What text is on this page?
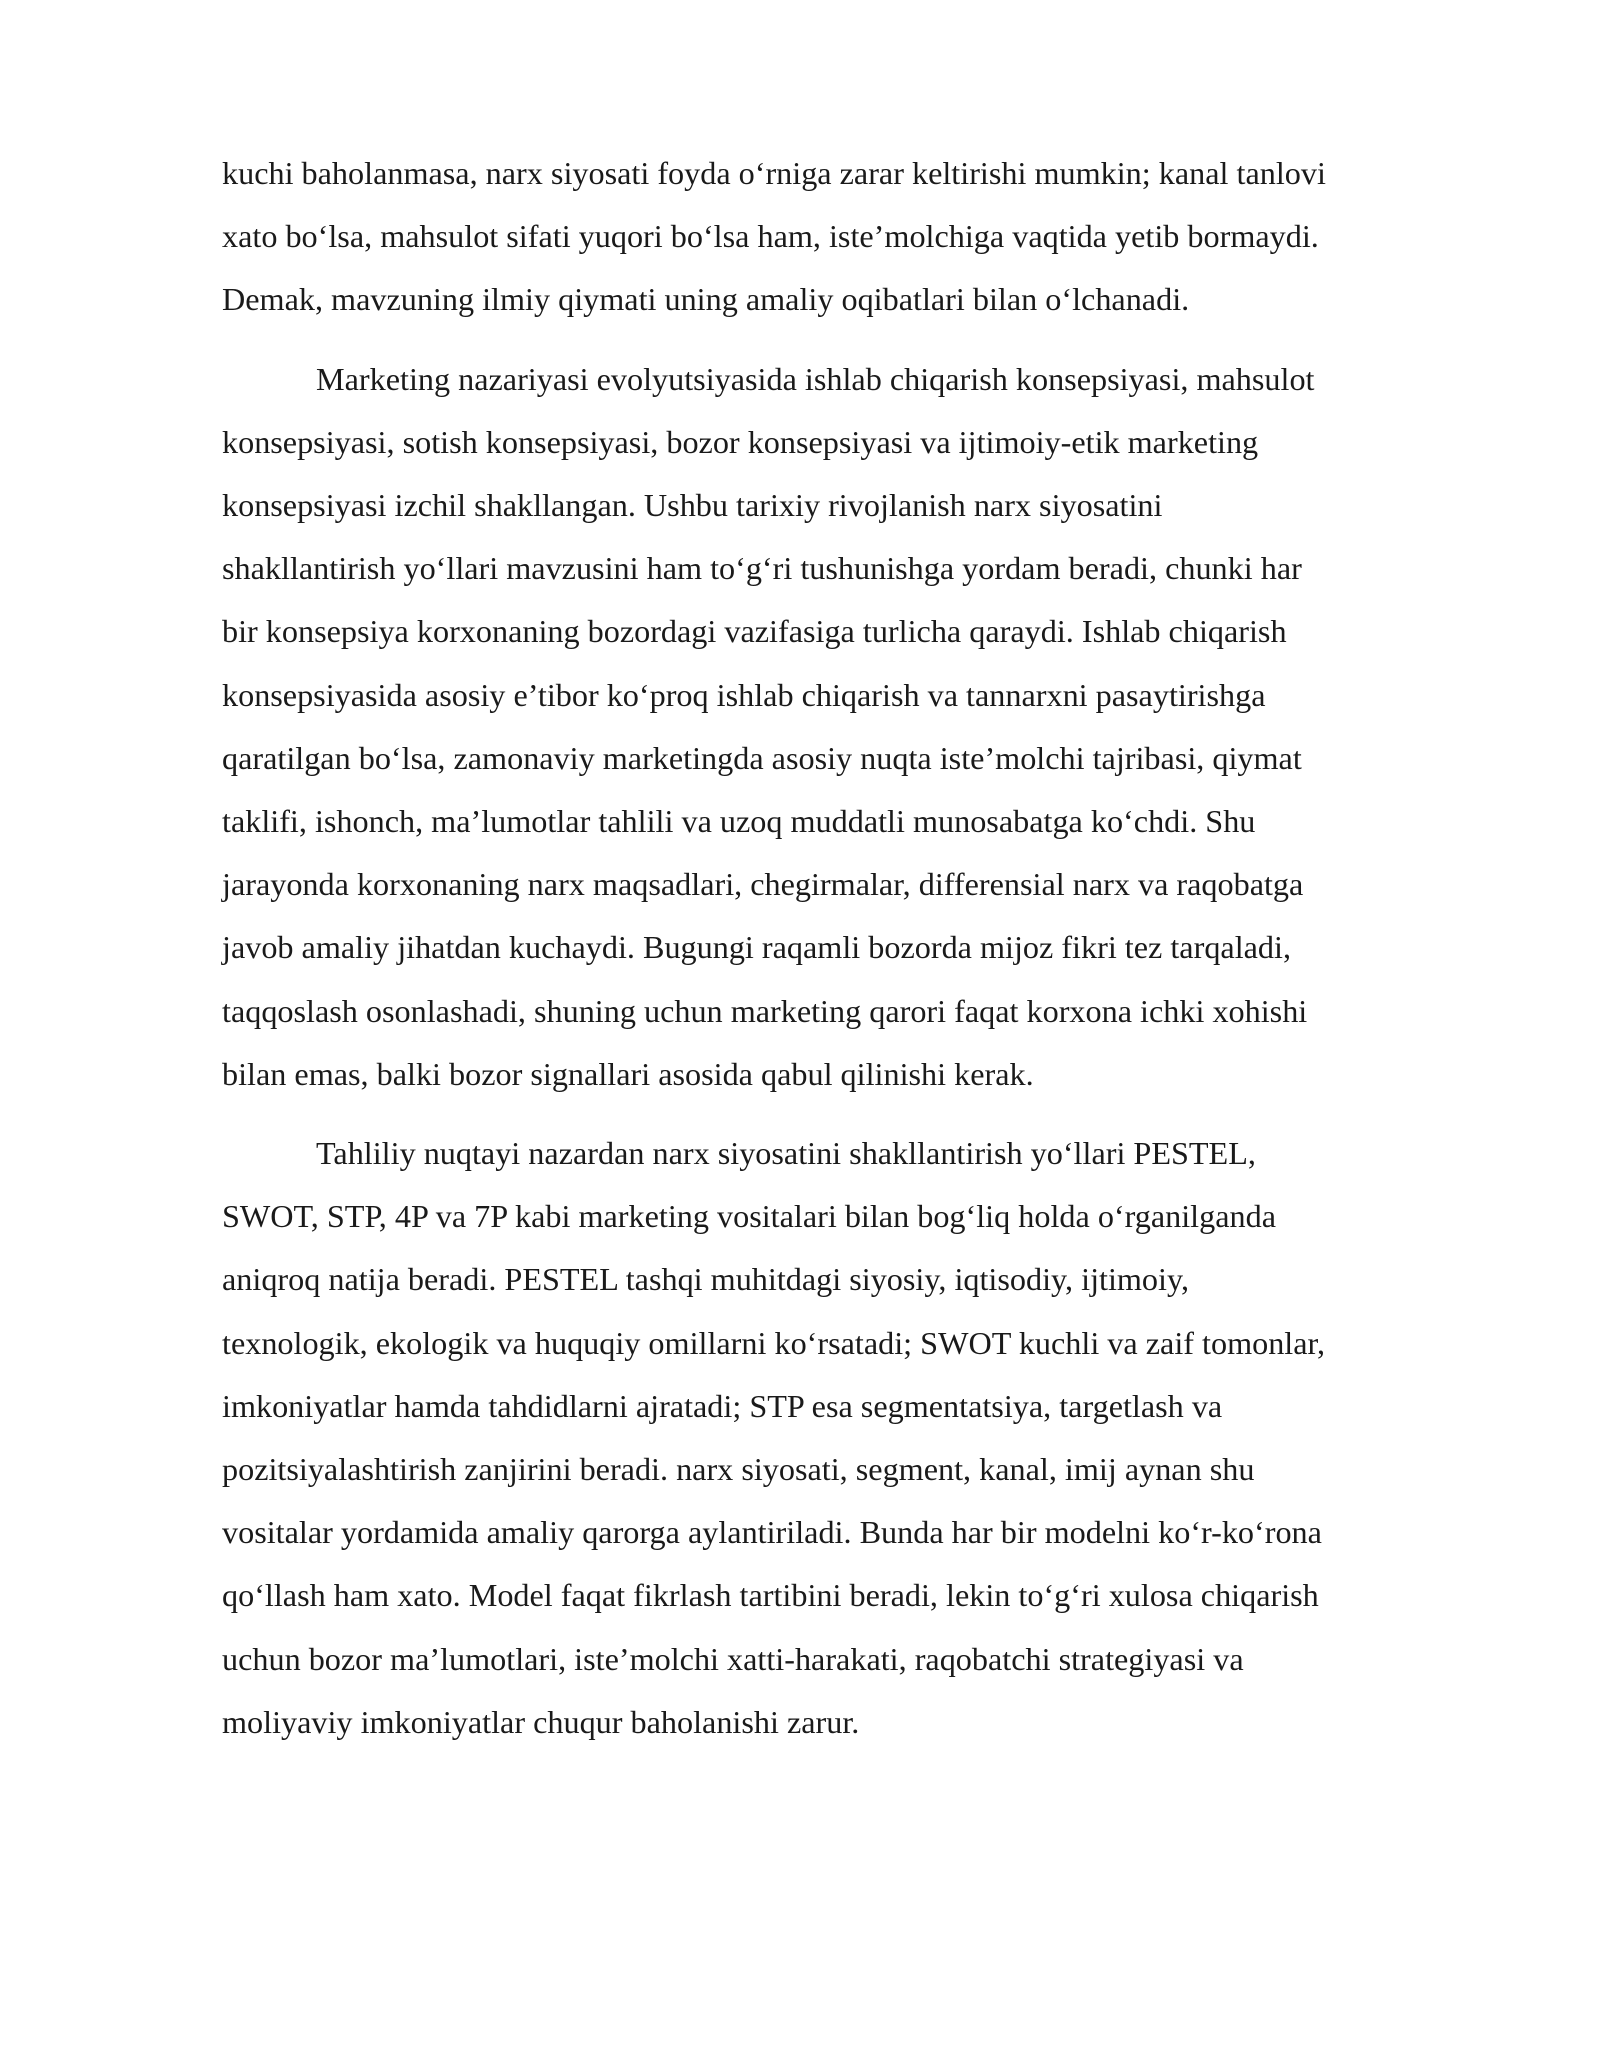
kuchi baholanmasa, narx siyosati foyda o‘rniga zarar keltirishi mumkin; kanal tanlovi
xato bo‘lsa, mahsulot sifati yuqori bo‘lsa ham, iste’molchiga vaqtida yetib bormaydi.
Demak, mavzuning ilmiy qiymati uning amaliy oqibatlari bilan o‘lchanadi.

Marketing nazariyasi evolyutsiyasida ishlab chiqarish konsepsiyasi, mahsulot
konsepsiyasi, sotish konsepsiyasi, bozor konsepsiyasi va ijtimoiy-etik marketing
konsepsiyasi izchil shakllangan. Ushbu tarixiy rivojlanish narx siyosatini
shakllantirish yo‘llari mavzusini ham to‘g‘ri tushunishga yordam beradi, chunki har
bir konsepsiya korxonaning bozordagi vazifasiga turlicha qaraydi. Ishlab chiqarish
konsepsiyasida asosiy e’tibor ko‘proq ishlab chiqarish va tannarxni pasaytirishga
qaratilgan bo‘lsa, zamonaviy marketingda asosiy nuqta iste’molchi tajribasi, qiymat
taklifi, ishonch, ma’lumotlar tahlili va uzoq muddatli munosabatga ko‘chdi. Shu
jarayonda korxonaning narx maqsadlari, chegirmalar, differensial narx va raqobatga
javob amaliy jihatdan kuchaydi. Bugungi raqamli bozorda mijoz fikri tez tarqaladi,
taqqoslash osonlashadi, shuning uchun marketing qarori faqat korxona ichki xohishi
bilan emas, balki bozor signallari asosida qabul qilinishi kerak.

Tahliliy nuqtayi nazardan narx siyosatini shakllantirish yo‘llari PESTEL,
SWOT, STP, 4P va 7P kabi marketing vositalari bilan bog‘liq holda o‘rganilganda
aniqroq natija beradi. PESTEL tashqi muhitdagi siyosiy, iqtisodiy, ijtimoiy,
texnologik, ekologik va huquqiy omillarni ko‘rsatadi; SWOT kuchli va zaif tomonlar,
imkoniyatlar hamda tahdidlarni ajratadi; STP esa segmentatsiya, targetlash va
pozitsiyalashtirish zanjirini beradi. narx siyosati, segment, kanal, imij aynan shu
vositalar yordamida amaliy qarorga aylantiriladi. Bunda har bir modelni ko‘r-ko‘rona
qo‘llash ham xato. Model faqat fikrlash tartibini beradi, lekin to‘g‘ri xulosa chiqarish
uchun bozor ma’lumotlari, iste’molchi xatti-harakati, raqobatchi strategiyasi va
moliyaviy imkoniyatlar chuqur baholanishi zarur.
